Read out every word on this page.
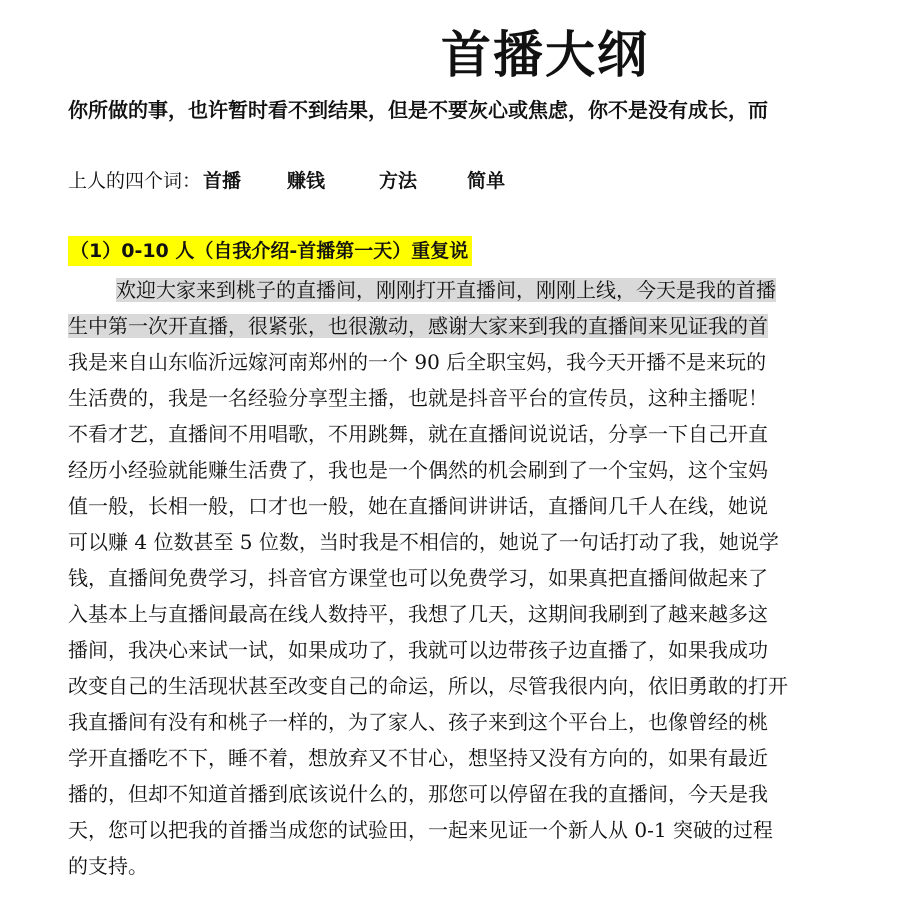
首播大纲
你所做的事，也许暂时看不到结果，但是不要灰心或焦虑，你不是没有成长，而
上人的四个词： 首播 赚钱	方法	简单
（1）0-10 人（自我介绍-首播第一天）重复说
欢迎大家来到桃子的直播间，刚刚打开直播间，刚刚上线，今天是我的首播
生中第一次开直播，很紧张，也很激动，感谢大家来到我的直播间来见证我的首
我是来自山东临沂远嫁河南郑州的一个 90 后全职宝妈，我今天开播不是来玩的
生活费的，我是一名经验分享型主播，也就是抖音平台的宣传员，这种主播呢！
不看才艺，直播间不用唱歌，不用跳舞，就在直播间说说话，分享一下自己开直
经历小经验就能赚生活费了，我也是一个偶然的机会刷到了一个宝妈，这个宝妈
值一般，长相一般，口才也一般，她在直播间讲讲话，直播间几千人在线，她说
可以赚 4 位数甚至 5 位数，当时我是不相信的，她说了一句话打动了我，她说学
钱，直播间免费学习，抖音官方课堂也可以免费学习，如果真把直播间做起来了
入基本上与直播间最高在线人数持平，我想了几天，这期间我刷到了越来越多这
播间，我决心来试一试，如果成功了，我就可以边带孩子边直播了，如果我成功
改变自己的生活现状甚至改变自己的命运，所以，尽管我很内向，依旧勇敢的打开
我直播间有没有和桃子一样的，为了家人、孩子来到这个平台上，也像曾经的桃
学开直播吃不下，睡不着，想放弃又不甘心，想坚持又没有方向的，如果有最近
播的，但却不知道首播到底该说什么的，那您可以停留在我的直播间，今天是我
天，您可以把我的首播当成您的试验田，一起来见证一个新人从 0-1 突破的过程
的支持。
